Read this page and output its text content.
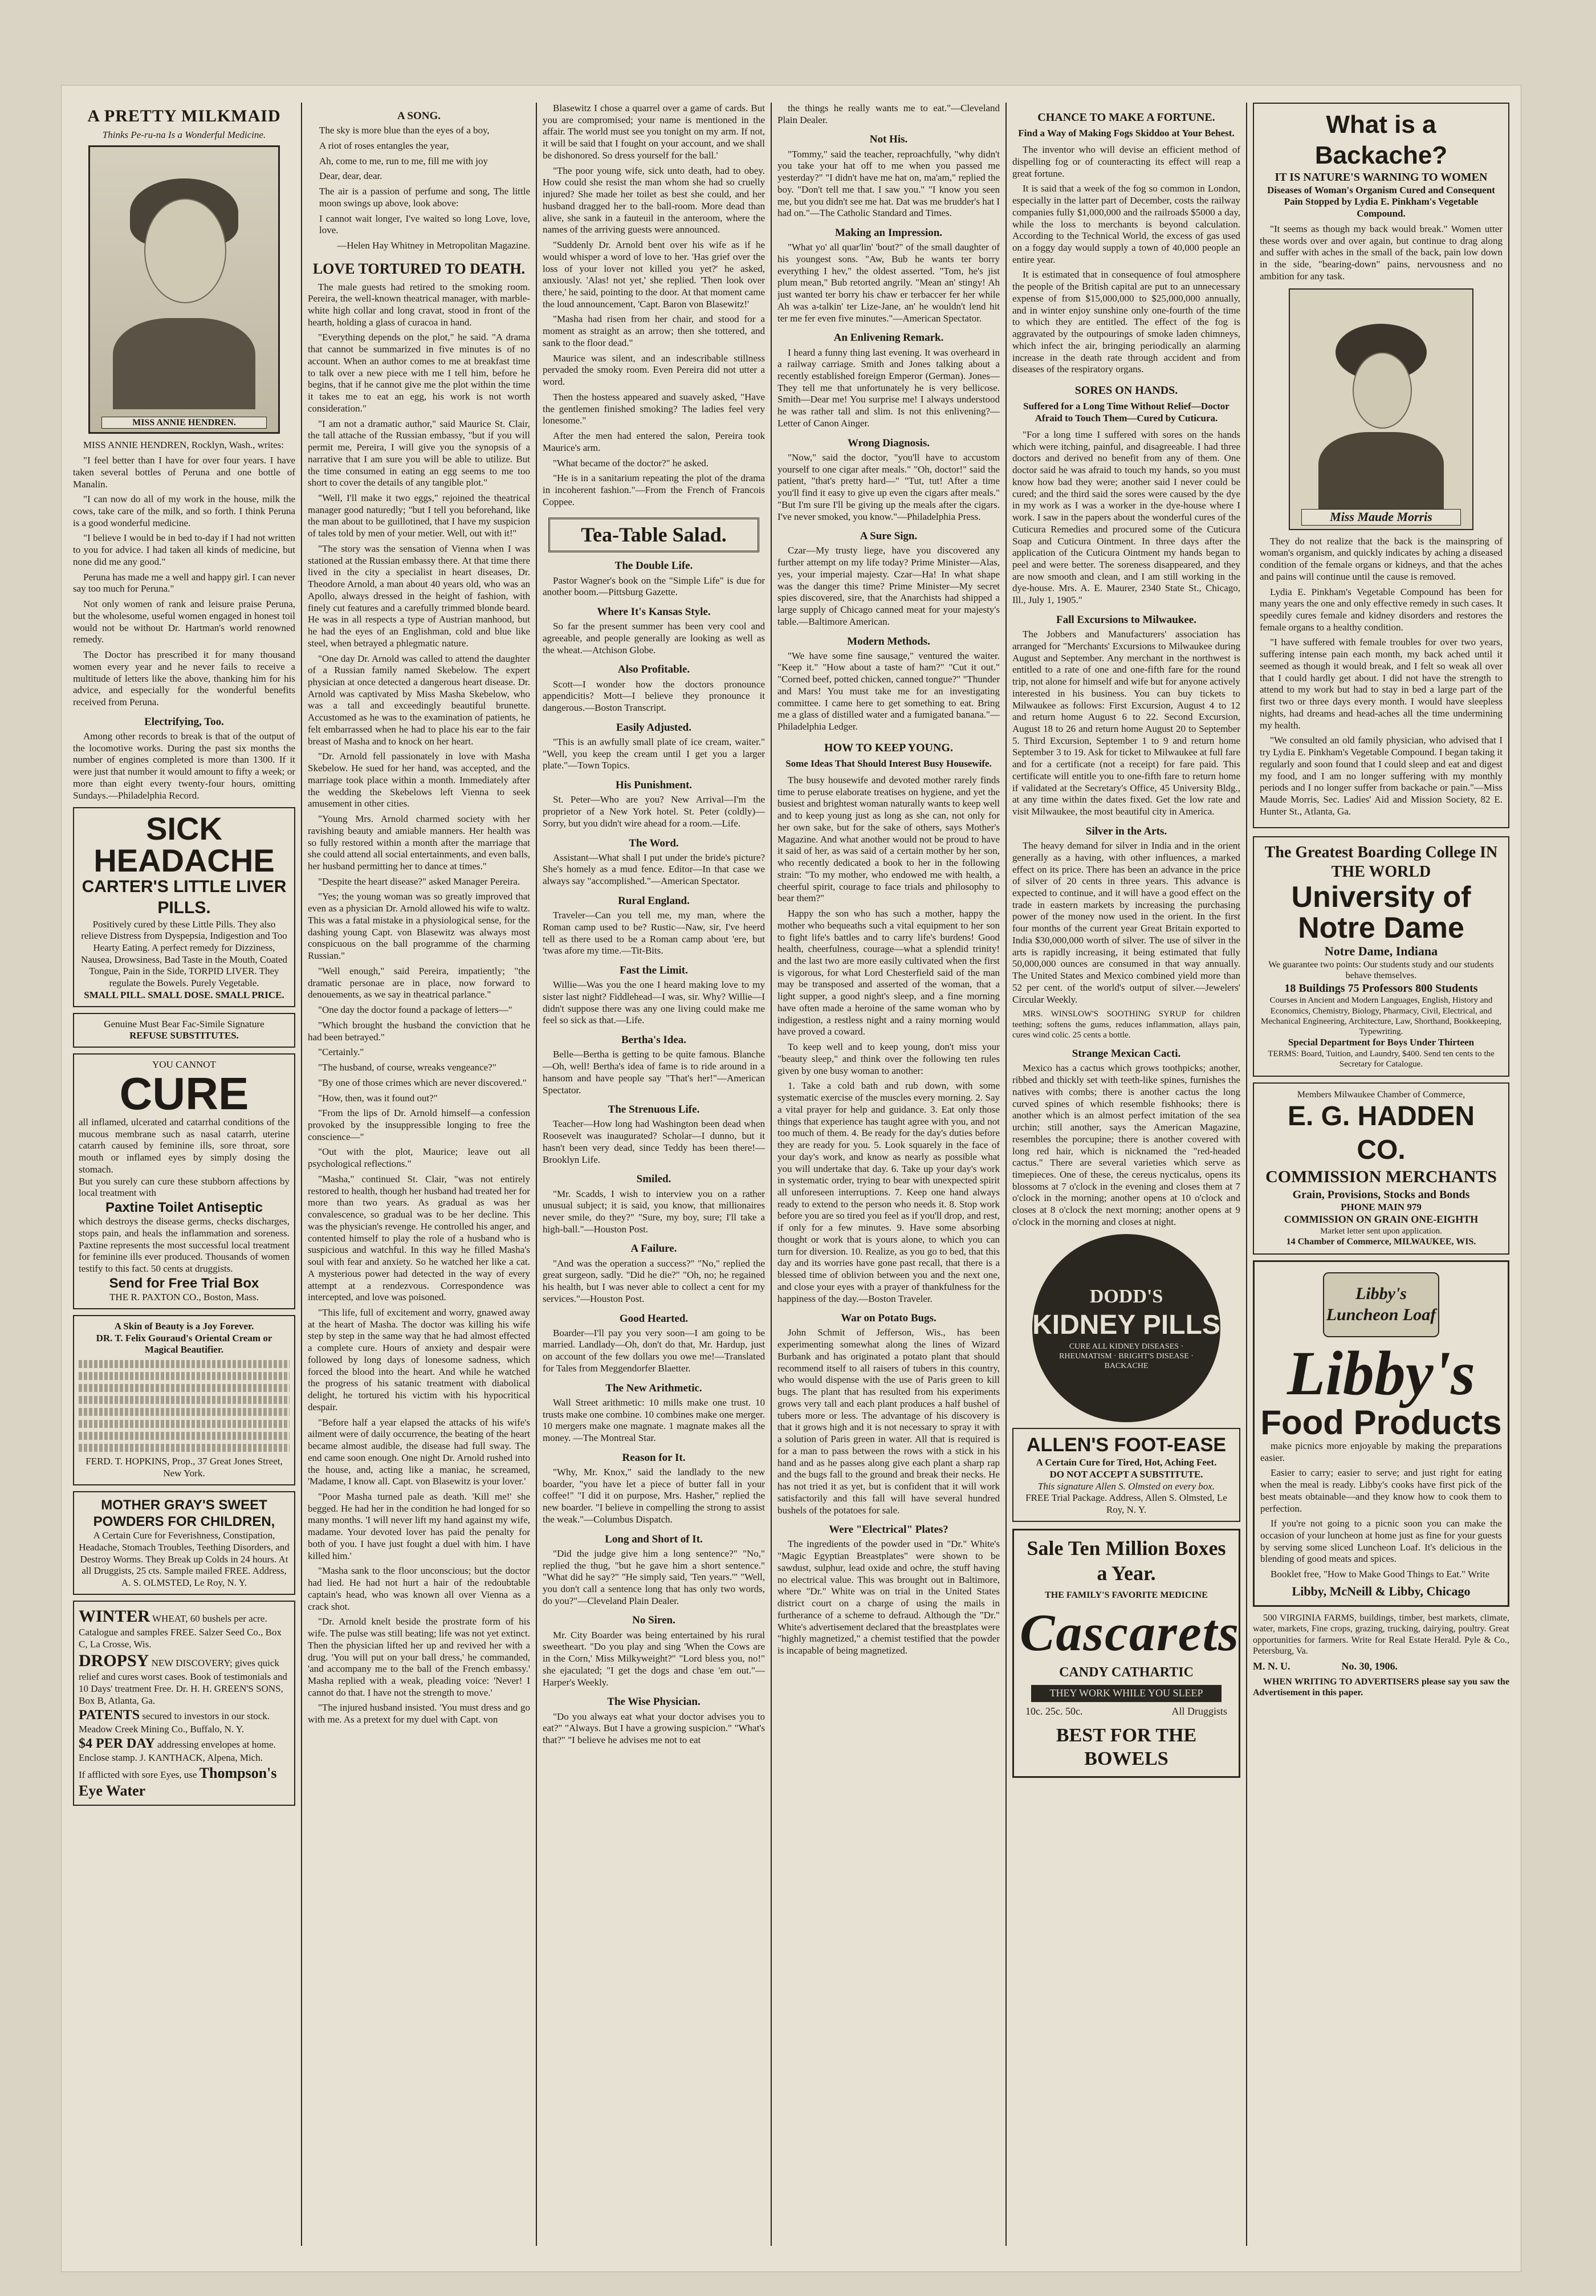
A PRETTY MILKMAID
Thinks Pe-ru-na Is a Wonderful Medicine.
MISS ANNIE HENDREN.

MISS ANNIE HENDREN, Rocklyn, Wash., writes:

"I feel better than I have for over four years. I have taken several bottles of Peruna and one bottle of Manalin.

"I can now do all of my work in the house, milk the cows, take care of the milk, and so forth. I think Peruna is a good wonderful medicine.

"I believe I would be in bed to-day if I had not written to you for advice. I had taken all kinds of medicine, but none did me any good."

Peruna has made me a well and happy girl. I can never say too much for Peruna."

Not only women of rank and leisure praise Peruna, but the wholesome, useful women engaged in honest toil would not be without Dr. Hartman's world renowned remedy.

The Doctor has prescribed it for many thousand women every year and he never fails to receive a multitude of letters like the above, thanking him for his advice, and especially for the wonderful benefits received from Peruna.

Electrifying, Too.

Among other records to break is that of the output of the locomotive works. During the past six months the number of engines completed is more than 1300. If it were just that number it would amount to fifty a week; or more than eight every twenty-four hours, omitting Sundays.—Philadelphia Record.

SICK HEADACHE
CARTER'S LITTLE LIVER PILLS.
Positively cured by these Little Pills. They also relieve Distress from Dyspepsia, Indigestion and Too Hearty Eating. A perfect remedy for Dizziness, Nausea, Drowsiness, Bad Taste in the Mouth, Coated Tongue, Pain in the Side, TORPID LIVER. They regulate the Bowels. Purely Vegetable.
SMALL PILL. SMALL DOSE. SMALL PRICE.
Genuine Must Bear Fac-Simile Signature
REFUSE SUBSTITUTES.
YOU CANNOT
CURE
all inflamed, ulcerated and catarrhal conditions of the mucous membrane such as nasal catarrh, uterine catarrh caused by feminine ills, sore throat, sore mouth or inflamed eyes by simply dosing the stomach.
But you surely can cure these stubborn affections by local treatment with
Paxtine Toilet Antiseptic
which destroys the disease germs, checks discharges, stops pain, and heals the inflammation and soreness. Paxtine represents the most successful local treatment for feminine ills ever produced. Thousands of women testify to this fact. 50 cents at druggists.
Send for Free Trial Box
THE R. PAXTON CO., Boston, Mass.
A Skin of Beauty is a Joy Forever.
DR. T. Felix Gouraud's Oriental Cream or Magical Beautifier.
FERD. T. HOPKINS, Prop., 37 Great Jones Street, New York.
MOTHER GRAY'S SWEET POWDERS FOR CHILDREN,
A Certain Cure for Feverishness, Constipation, Headache, Stomach Troubles, Teething Disorders, and Destroy Worms. They Break up Colds in 24 hours. At all Druggists, 25 cts. Sample mailed FREE. Address, A. S. OLMSTED, Le Roy, N. Y.
WINTER WHEAT, 60 bushels per acre. Catalogue and samples FREE. Salzer Seed Co., Box C, La Crosse, Wis.
DROPSY NEW DISCOVERY; gives quick relief and cures worst cases. Book of testimonials and 10 Days' treatment Free. Dr. H. H. GREEN'S SONS, Box B, Atlanta, Ga.
PATENTS secured to investors in our stock. Meadow Creek Mining Co., Buffalo, N. Y.
$4 PER DAY addressing envelopes at home. Enclose stamp. J. KANTHACK, Alpena, Mich.
If afflicted with sore Eyes, use Thompson's Eye Water
A SONG.

The sky is more blue than the eyes of a boy,

A riot of roses entangles the year,

Ah, come to me, run to me, fill me with joy

Dear, dear, dear.

The air is a passion of perfume and song, The little moon swings up above, look above:

I cannot wait longer, I've waited so long Love, love, love.

—Helen Hay Whitney in Metropolitan Magazine.

LOVE TORTURED TO DEATH.

The male guests had retired to the smoking room. Pereira, the well-known theatrical manager, with marble-white high collar and long cravat, stood in front of the hearth, holding a glass of curacoa in hand.

"Everything depends on the plot," he said. "A drama that cannot be summarized in five minutes is of no account. When an author comes to me at breakfast time to talk over a new piece with me I tell him, before he begins, that if he cannot give me the plot within the time it takes me to eat an egg, his work is not worth consideration."

"I am not a dramatic author," said Maurice St. Clair, the tall attache of the Russian embassy, "but if you will permit me, Pereira, I will give you the synopsis of a narrative that I am sure you will be able to utilize. But the time consumed in eating an egg seems to me too short to cover the details of any tangible plot."

"Well, I'll make it two eggs," rejoined the theatrical manager good naturedly; "but I tell you beforehand, like the man about to be guillotined, that I have my suspicion of tales told by men of your metier. Well, out with it!"

"The story was the sensation of Vienna when I was stationed at the Russian embassy there. At that time there lived in the city a specialist in heart diseases, Dr. Theodore Arnold, a man about 40 years old, who was an Apollo, always dressed in the height of fashion, with finely cut features and a carefully trimmed blonde beard. He was in all respects a type of Austrian manhood, but he had the eyes of an Englishman, cold and blue like steel, when betrayed a phlegmatic nature.

"One day Dr. Arnold was called to attend the daughter of a Russian family named Skebelow. The expert physician at once detected a dangerous heart disease. Dr. Arnold was captivated by Miss Masha Skebelow, who was a tall and exceedingly beautiful brunette. Accustomed as he was to the examination of patients, he felt embarrassed when he had to place his ear to the fair breast of Masha and to knock on her heart.

"Dr. Arnold fell passionately in love with Masha Skebelow. He sued for her hand, was accepted, and the marriage took place within a month. Immediately after the wedding the Skebelows left Vienna to seek amusement in other cities.

"Young Mrs. Arnold charmed society with her ravishing beauty and amiable manners. Her health was so fully restored within a month after the marriage that she could attend all social entertainments, and even balls, her husband permitting her to dance at times."

"Despite the heart disease?" asked Manager Pereira.

"Yes; the young woman was so greatly improved that even as a physician Dr. Arnold allowed his wife to waltz. This was a fatal mistake in a physiological sense, for the dashing young Capt. von Blasewitz was always most conspicuous on the ball programme of the charming Russian."

"Well enough," said Pereira, impatiently; "the dramatic personae are in place, now forward to denouements, as we say in theatrical parlance."

"One day the doctor found a package of letters—"

"Which brought the husband the conviction that he had been betrayed."

"Certainly."

"The husband, of course, wreaks vengeance?"

"By one of those crimes which are never discovered."

"How, then, was it found out?"

"From the lips of Dr. Arnold himself—a confession provoked by the insuppressible longing to free the conscience—"

"Out with the plot, Maurice; leave out all psychological reflections."

"Masha," continued St. Clair, "was not entirely restored to health, though her husband had treated her for more than two years. As gradual as was her convalescence, so gradual was to be her decline. This was the physician's revenge. He controlled his anger, and contented himself to play the role of a husband who is suspicious and watchful. In this way he filled Masha's soul with fear and anxiety. So he watched her like a cat. A mysterious power had detected in the way of every attempt at a rendezvous. Correspondence was intercepted, and love was poisoned.

"This life, full of excitement and worry, gnawed away at the heart of Masha. The doctor was killing his wife step by step in the same way that he had almost effected a complete cure. Hours of anxiety and despair were followed by long days of lonesome sadness, which forced the blood into the heart. And while he watched the progress of his satanic treatment with diabolical delight, he tortured his victim with his hypocritical despair.

"Before half a year elapsed the attacks of his wife's ailment were of daily occurrence, the beating of the heart became almost audible, the disease had full sway. The end came soon enough. One night Dr. Arnold rushed into the house, and, acting like a maniac, he screamed, 'Madame, I know all. Capt. von Blasewitz is your lover.'

"Poor Masha turned pale as death. 'Kill me!' she begged. He had her in the condition he had longed for so many months. 'I will never lift my hand against my wife, madame. Your devoted lover has paid the penalty for both of you. I have just fought a duel with him. I have killed him.'

"Masha sank to the floor unconscious; but the doctor had lied. He had not hurt a hair of the redoubtable captain's head, who was known all over Vienna as a crack shot.

"Dr. Arnold knelt beside the prostrate form of his wife. The pulse was still beating; life was not yet extinct. Then the physician lifted her up and revived her with a drug. 'You will put on your ball dress,' he commanded, 'and accompany me to the ball of the French embassy.' Masha replied with a weak, pleading voice: 'Never! I cannot do that. I have not the strength to move.'

"The injured husband insisted. 'You must dress and go with me. As a pretext for my duel with Capt. von

Blasewitz I chose a quarrel over a game of cards. But you are compromised; your name is mentioned in the affair. The world must see you tonight on my arm. If not, it will be said that I fought on your account, and we shall be dishonored. So dress yourself for the ball.'

"The poor young wife, sick unto death, had to obey. How could she resist the man whom she had so cruelly injured? She made her toilet as best she could, and her husband dragged her to the ball-room. More dead than alive, she sank in a fauteuil in the anteroom, where the names of the arriving guests were announced.

"Suddenly Dr. Arnold bent over his wife as if he would whisper a word of love to her. 'Has grief over the loss of your lover not killed you yet?' he asked, anxiously. 'Alas! not yet,' she replied. 'Then look over there,' he said, pointing to the door. At that moment came the loud announcement, 'Capt. Baron von Blasewitz!'

"Masha had risen from her chair, and stood for a moment as straight as an arrow; then she tottered, and sank to the floor dead."

Maurice was silent, and an indescribable stillness pervaded the smoky room. Even Pereira did not utter a word.

Then the hostess appeared and suavely asked, "Have the gentlemen finished smoking? The ladies feel very lonesome."

After the men had entered the salon, Pereira took Maurice's arm.

"What became of the doctor?" he asked.

"He is in a sanitarium repeating the plot of the drama in incoherent fashion."—From the French of Francois Coppee.

Tea-Table Salad.
The Double Life.

Pastor Wagner's book on the "Simple Life" is due for another boom.—Pittsburg Gazette.

Where It's Kansas Style.

So far the present summer has been very cool and agreeable, and people generally are looking as well as the wheat.—Atchison Globe.

Also Profitable.

Scott—I wonder how the doctors pronounce appendicitis? Mott—I believe they pronounce it dangerous.—Boston Transcript.

Easily Adjusted.

"This is an awfully small plate of ice cream, waiter." "Well, you keep the cream until I get you a larger plate."—Town Topics.

His Punishment.

St. Peter—Who are you? New Arrival—I'm the proprietor of a New York hotel. St. Peter (coldly)—Sorry, but you didn't wire ahead for a room.—Life.

The Word.

Assistant—What shall I put under the bride's picture? She's homely as a mud fence. Editor—In that case we always say "accomplished."—American Spectator.

Rural England.

Traveler—Can you tell me, my man, where the Roman camp used to be? Rustic—Naw, sir, I've heerd tell as there used to be a Roman camp about 'ere, but 'twas afore my time.—Tit-Bits.

Fast the Limit.

Willie—Was you the one I heard making love to my sister last night? Fiddlehead—I was, sir. Why? Willie—I didn't suppose there was any one living could make me feel so sick as that.—Life.

Bertha's Idea.

Belle—Bertha is getting to be quite famous. Blanche—Oh, well! Bertha's idea of fame is to ride around in a hansom and have people say "That's her!"—American Spectator.

The Strenuous Life.

Teacher—How long had Washington been dead when Roosevelt was inaugurated? Scholar—I dunno, but it hasn't been very dead, since Teddy has been there!—Brooklyn Life.

Smiled.

"Mr. Scadds, I wish to interview you on a rather unusual subject; it is said, you know, that millionaires never smile, do they?" "Sure, my boy, sure; I'll take a high-ball."—Houston Post.

A Failure.

"And was the operation a success?" "No," replied the great surgeon, sadly. "Did he die?" "Oh, no; he regained his health, but I was never able to collect a cent for my services."—Houston Post.

Good Hearted.

Boarder—I'll pay you very soon—I am going to be married. Landlady—Oh, don't do that, Mr. Hardup, just on account of the few dollars you owe me!—Translated for Tales from Meggendorfer Blaetter.

The New Arithmetic.

Wall Street arithmetic: 10 mills make one trust. 10 trusts make one combine. 10 combines make one merger. 10 mergers make one magnate. 1 magnate makes all the money. —The Montreal Star.

Reason for It.

"Why, Mr. Knox," said the landlady to the new boarder, "you have let a piece of butter fall in your coffee!" "I did it on purpose, Mrs. Hasher," replied the new boarder. "I believe in compelling the strong to assist the weak."—Columbus Dispatch.

Long and Short of It.

"Did the judge give him a long sentence?" "No," replied the thug, "but he gave him a short sentence." "What did he say?" "He simply said, 'Ten years.'" "Well, you don't call a sentence long that has only two words, do you?"—Cleveland Plain Dealer.

No Siren.

Mr. City Boarder was being entertained by his rural sweetheart. "Do you play and sing 'When the Cows are in the Corn,' Miss Milkyweight?" "Lord bless you, no!" she ejaculated; "I get the dogs and chase 'em out."—Harper's Weekly.

The Wise Physician.

"Do you always eat what your doctor advises you to eat?" "Always. But I have a growing suspicion." "What's that?" "I believe he advises me not to eat

the things he really wants me to eat."—Cleveland Plain Dealer.

Not His.

"Tommy," said the teacher, reproachfully, "why didn't you take your hat off to me when you passed me yesterday?" "I didn't have me hat on, ma'am," replied the boy. "Don't tell me that. I saw you." "I know you seen me, but you didn't see me hat. Dat was me brudder's hat I had on."—The Catholic Standard and Times.

Making an Impression.

"What yo' all quar'lin' 'bout?" of the small daughter of his youngest sons. "Aw, Bub he wants ter borry everything I hev," the oldest asserted. "Tom, he's jist plum mean," Bub retorted angrily. "Mean an' stingy! Ah just wanted ter borry his chaw er terbaccer fer her while Ah was a-talkin' ter Lize-Jane, an' he wouldn't lend hit ter me fer even five minutes."—American Spectator.

An Enlivening Remark.

I heard a funny thing last evening. It was overheard in a railway carriage. Smith and Jones talking about a recently established foreign Emperor (German). Jones—They tell me that unfortunately he is very bellicose. Smith—Dear me! You surprise me! I always understood he was rather tall and slim. Is not this enlivening?—Letter of Canon Ainger.

Wrong Diagnosis.

"Now," said the doctor, "you'll have to accustom yourself to one cigar after meals." "Oh, doctor!" said the patient, "that's pretty hard—" "Tut, tut! After a time you'll find it easy to give up even the cigars after meals." "But I'm sure I'll be giving up the meals after the cigars. I've never smoked, you know."—Philadelphia Press.

A Sure Sign.

Czar—My trusty liege, have you discovered any further attempt on my life today? Prime Minister—Alas, yes, your imperial majesty. Czar—Ha! In what shape was the danger this time? Prime Minister—My secret spies discovered, sire, that the Anarchists had shipped a large supply of Chicago canned meat for your majesty's table.—Baltimore American.

Modern Methods.

"We have some fine sausage," ventured the waiter. "Keep it." "How about a taste of ham?" "Cut it out." "Corned beef, potted chicken, canned tongue?" "Thunder and Mars! You must take me for an investigating committee. I came here to get something to eat. Bring me a glass of distilled water and a fumigated banana."—Philadelphia Ledger.

HOW TO KEEP YOUNG.
Some Ideas That Should Interest Busy Housewife.

The busy housewife and devoted mother rarely finds time to peruse elaborate treatises on hygiene, and yet the busiest and brightest woman naturally wants to keep well and to keep young just as long as she can, not only for her own sake, but for the sake of others, says Mother's Magazine. And what another would not be proud to have it said of her, as was said of a certain mother by her son, who recently dedicated a book to her in the following strain: "To my mother, who endowed me with health, a cheerful spirit, courage to face trials and philosophy to bear them?"

Happy the son who has such a mother, happy the mother who bequeaths such a vital equipment to her son to fight life's battles and to carry life's burdens! Good health, cheerfulness, courage—what a splendid trinity! and the last two are more easily cultivated when the first is vigorous, for what Lord Chesterfield said of the man may be transposed and asserted of the woman, that a light supper, a good night's sleep, and a fine morning have often made a heroine of the same woman who by indigestion, a restless night and a rainy morning would have proved a coward.

To keep well and to keep young, don't miss your "beauty sleep," and think over the following ten rules given by one busy woman to another:

1. Take a cold bath and rub down, with some systematic exercise of the muscles every morning. 2. Say a vital prayer for help and guidance. 3. Eat only those things that experience has taught agree with you, and not too much of them. 4. Be ready for the day's duties before they are ready for you. 5. Look squarely in the face of your day's work, and know as nearly as possible what you will undertake that day. 6. Take up your day's work in systematic order, trying to bear with unexpected spirit all unforeseen interruptions. 7. Keep one hand always ready to extend to the person who needs it. 8. Stop work before you are so tired you feel as if you'll drop, and rest, if only for a few minutes. 9. Have some absorbing thought or work that is yours alone, to which you can turn for diversion. 10. Realize, as you go to bed, that this day and its worries have gone past recall, that there is a blessed time of oblivion between you and the next one, and close your eyes with a prayer of thankfulness for the happiness of the day.—Boston Traveler.

War on Potato Bugs.

John Schmit of Jefferson, Wis., has been experimenting somewhat along the lines of Wizard Burbank and has originated a potato plant that should recommend itself to all raisers of tubers in this country, who would dispense with the use of Paris green to kill bugs. The plant that has resulted from his experiments grows very tall and each plant produces a half bushel of tubers more or less. The advantage of his discovery is that it grows high and it is not necessary to spray it with a solution of Paris green in water. All that is required is for a man to pass between the rows with a stick in his hand and as he passes along give each plant a sharp rap and the bugs fall to the ground and break their necks. He has not tried it as yet, but is confident that it will work satisfactorily and this fall will have several hundred bushels of the potatoes for sale.

Were "Electrical" Plates?

The ingredients of the powder used in "Dr." White's "Magic Egyptian Breastplates" were shown to be sawdust, sulphur, lead oxide and ochre, the stuff having no electrical value. This was brought out in Baltimore, where "Dr." White was on trial in the United States district court on a charge of using the mails in furtherance of a scheme to defraud. Although the "Dr." White's advertisement declared that the breastplates were "highly magnetized," a chemist testified that the powder is incapable of being magnetized.

CHANCE TO MAKE A FORTUNE.
Find a Way of Making Fogs Skiddoo at Your Behest.

The inventor who will devise an efficient method of dispelling fog or of counteracting its effect will reap a great fortune.

It is said that a week of the fog so common in London, especially in the latter part of December, costs the railway companies fully $1,000,000 and the railroads $5000 a day, while the loss to merchants is beyond calculation. According to the Technical World, the excess of gas used on a foggy day would supply a town of 40,000 people an entire year.

It is estimated that in consequence of foul atmosphere the people of the British capital are put to an unnecessary expense of from $15,000,000 to $25,000,000 annually, and in winter enjoy sunshine only one-fourth of the time to which they are entitled. The effect of the fog is aggravated by the outpourings of smoke laden chimneys, which infect the air, bringing periodically an alarming increase in the death rate through accident and from diseases of the respiratory organs.

SORES ON HANDS.
Suffered for a Long Time Without Relief—Doctor Afraid to Touch Them—Cured by Cuticura.

"For a long time I suffered with sores on the hands which were itching, painful, and disagreeable. I had three doctors and derived no benefit from any of them. One doctor said he was afraid to touch my hands, so you must know how bad they were; another said I never could be cured; and the third said the sores were caused by the dye in my work as I was a worker in the dye-house where I work. I saw in the papers about the wonderful cures of the Cuticura Remedies and procured some of the Cuticura Soap and Cuticura Ointment. In three days after the application of the Cuticura Ointment my hands began to peel and were better. The soreness disappeared, and they are now smooth and clean, and I am still working in the dye-house. Mrs. A. E. Maurer, 2340 State St., Chicago, Ill., July 1, 1905."

Fall Excursions to Milwaukee.

The Jobbers and Manufacturers' association has arranged for "Merchants' Excursions to Milwaukee during August and September. Any merchant in the northwest is entitled to a rate of one and one-fifth fare for the round trip, not alone for himself and wife but for anyone actively interested in his business. You can buy tickets to Milwaukee as follows: First Excursion, August 4 to 12 and return home August 6 to 22. Second Excursion, August 18 to 26 and return home August 20 to September 5. Third Excursion, September 1 to 9 and return home September 3 to 19. Ask for ticket to Milwaukee at full fare and for a certificate (not a receipt) for fare paid. This certificate will entitle you to one-fifth fare to return home if validated at the Secretary's Office, 45 University Bldg., at any time within the dates fixed. Get the low rate and visit Milwaukee, the most beautiful city in America.

Silver in the Arts.

The heavy demand for silver in India and in the orient generally as a having, with other influences, a marked effect on its price. There has been an advance in the price of silver of 20 cents in three years. This advance is expected to continue, and it will have a good effect on the trade in eastern markets by increasing the purchasing power of the money now used in the orient. In the first four months of the current year Great Britain exported to India $30,000,000 worth of silver. The use of silver in the arts is rapidly increasing, it being estimated that fully 50,000,000 ounces are consumed in that way annually. The United States and Mexico combined yield more than 52 per cent. of the world's output of silver.—Jewelers' Circular Weekly.

MRS. WINSLOW'S SOOTHING SYRUP for children teething; softens the gums, reduces inflammation, allays pain, cures wind colic. 25 cents a bottle.

Strange Mexican Cacti.

Mexico has a cactus which grows toothpicks; another, ribbed and thickly set with teeth-like spines, furnishes the natives with combs; there is another cactus the long curved spines of which resemble fishhooks; there is another which is an almost perfect imitation of the sea urchin; still another, says the American Magazine, resembles the porcupine; there is another covered with long red hair, which is nicknamed the "red-headed cactus." There are several varieties which serve as timepieces. One of these, the cereus nycticalus, opens its blossoms at 7 o'clock in the evening and closes them at 7 o'clock in the morning; another opens at 10 o'clock and closes at 8 o'clock the next morning; another opens at 9 o'clock in the morning and closes at night.

DODD'S
KIDNEY PILLS
CURE ALL KIDNEY DISEASES · RHEUMATISM · BRIGHT'S DISEASE · BACKACHE
ALLEN'S FOOT-EASE
A Certain Cure for Tired, Hot, Aching Feet.
DO NOT ACCEPT A SUBSTITUTE.
This signature Allen S. Olmsted on every box.
FREE Trial Package. Address, Allen S. Olmsted, Le Roy, N. Y.
Sale Ten Million Boxes a Year.
THE FAMILY'S FAVORITE MEDICINE
Cascarets
CANDY CATHARTIC
THEY WORK WHILE YOU SLEEP
10c. 25c. 50c.	All Druggists
BEST FOR THE BOWELS
What is a Backache?
IT IS NATURE'S WARNING TO WOMEN
Diseases of Woman's Organism Cured and Consequent Pain Stopped by Lydia E. Pinkham's Vegetable Compound.

"It seems as though my back would break." Women utter these words over and over again, but continue to drag along and suffer with aches in the small of the back, pain low down in the side, "bearing-down" pains, nervousness and no ambition for any task.

Miss Maude Morris

They do not realize that the back is the mainspring of woman's organism, and quickly indicates by aching a diseased condition of the female organs or kidneys, and that the aches and pains will continue until the cause is removed.

Lydia E. Pinkham's Vegetable Compound has been for many years the one and only effective remedy in such cases. It speedily cures female and kidney disorders and restores the female organs to a healthy condition.

"I have suffered with female troubles for over two years, suffering intense pain each month, my back ached until it seemed as though it would break, and I felt so weak all over that I could hardly get about. I did not have the strength to attend to my work but had to stay in bed a large part of the first two or three days every month. I would have sleepless nights, had dreams and head-aches all the time undermining my health.

"We consulted an old family physician, who advised that I try Lydia E. Pinkham's Vegetable Compound. I began taking it regularly and soon found that I could sleep and eat and digest my food, and I am no longer suffering with my monthly periods and I no longer suffer from backache or pain."—Miss Maude Morris, Sec. Ladies' Aid and Mission Society, 82 E. Hunter St., Atlanta, Ga.

The Greatest Boarding College IN THE WORLD
University of Notre Dame
Notre Dame, Indiana
We guarantee two points: Our students study and our students behave themselves.
18 Buildings 75 Professors 800 Students
Courses in Ancient and Modern Languages, English, History and Economics, Chemistry, Biology, Pharmacy, Civil, Electrical, and Mechanical Engineering, Architecture, Law, Shorthand, Bookkeeping, Typewriting.
Special Department for Boys Under Thirteen
TERMS: Board, Tuition, and Laundry, $400. Send ten cents to the Secretary for Catalogue.
Members Milwaukee Chamber of Commerce,
E. G. HADDEN CO.
COMMISSION MERCHANTS
Grain, Provisions, Stocks and Bonds
PHONE MAIN 979
COMMISSION ON GRAIN ONE-EIGHTH
Market letter sent upon application.
14 Chamber of Commerce, MILWAUKEE, WIS.
Libby's Luncheon Loaf
Libby's
Food Products

make picnics more enjoyable by making the preparations easier.

Easier to carry; easier to serve; and just right for eating when the meal is ready. Libby's cooks have first pick of the best meats obtainable—and they know how to cook them to perfection.

If you're not going to a picnic soon you can make the occasion of your luncheon at home just as fine for your guests by serving some sliced Luncheon Loaf. It's delicious in the blending of good meats and spices.

Booklet free, "How to Make Good Things to Eat." Write

Libby, McNeill & Libby, Chicago

500 VIRGINIA FARMS, buildings, timber, best markets, climate, water, markets, Fine crops, grazing, trucking, dairying, poultry. Great opportunities for farmers. Write for Real Estate Herald. Pyle & Co., Petersburg, Va.

M. N. U.                    No. 30, 1906.

WHEN WRITING TO ADVERTISERS please say you saw the Advertisement in this paper.
